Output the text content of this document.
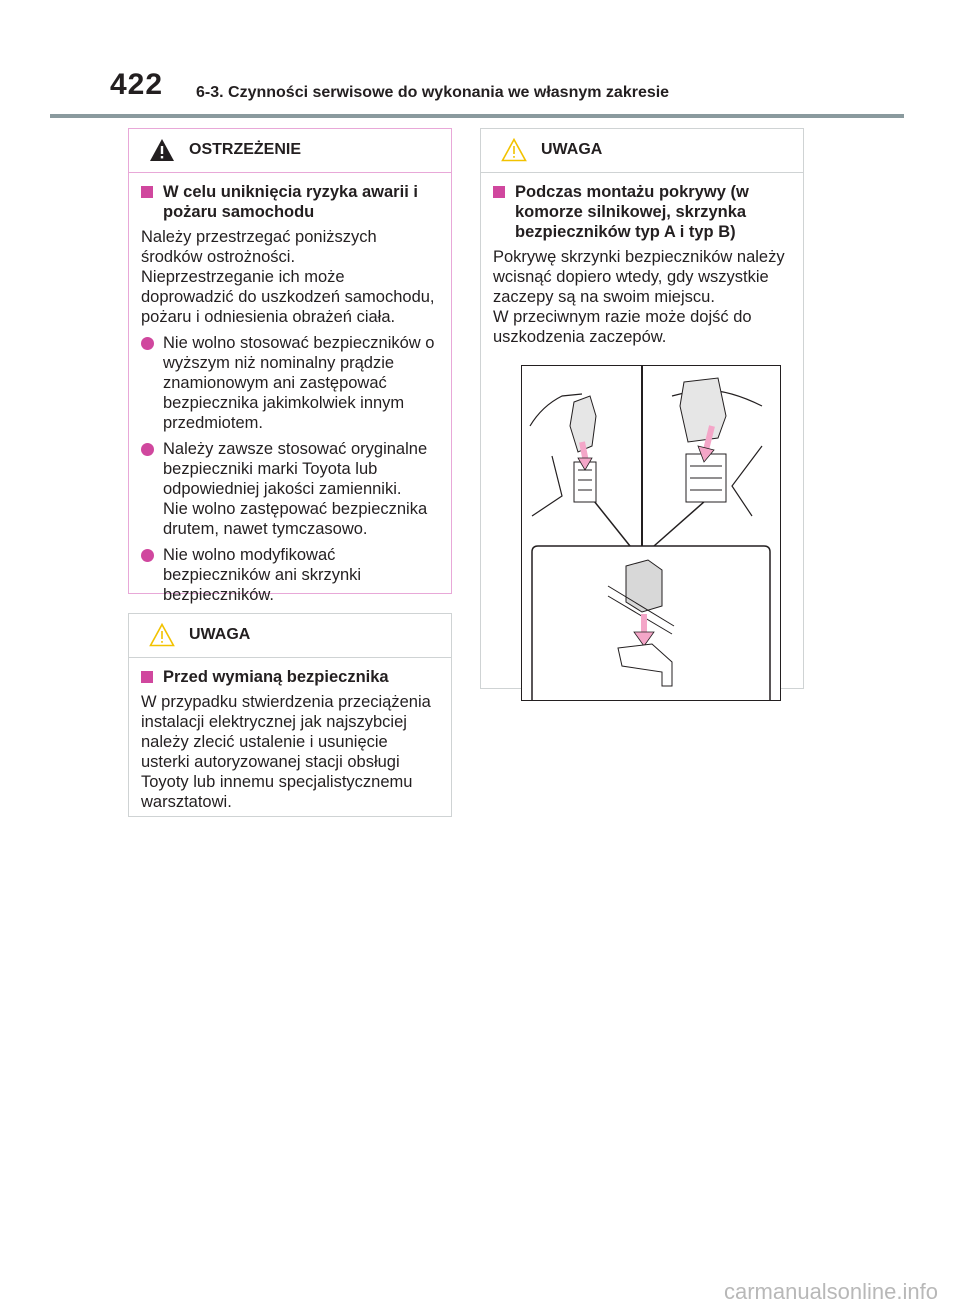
422 6-3. Czynności serwisowe do wykonania we własnym zakresie
OSTRZEŻENIE
W celu uniknięcia ryzyka awarii i pożaru samochodu

Należy przestrzegać poniższych środków ostrożności.

Nieprzestrzeganie ich może doprowadzić do uszkodzeń samochodu, pożaru i odniesienia obrażeń ciała.

Nie wolno stosować bezpieczników o wyższym niż nominalny prądzie znamionowym ani zastępować bezpiecznika jakimkolwiek innym przedmiotem.
Należy zawsze stosować oryginalne bezpieczniki marki Toyota lub odpowiedniej jakości zamienniki.
Nie wolno zastępować bezpiecznika drutem, nawet tymczasowo.
Nie wolno modyfikować bezpieczników ani skrzynki bezpieczników.
UWAGA
Przed wymianą bezpiecznika

W przypadku stwierdzenia przeciążenia instalacji elektrycznej jak najszybciej należy zlecić ustalenie i usunięcie usterki autoryzowanej stacji obsługi Toyoty lub innemu specjalistycznemu warsztatowi.

UWAGA
Podczas montażu pokrywy (w komorze silnikowej, skrzynka bezpieczników typ A i typ B)

Pokrywę skrzynki bezpieczników należy wcisnąć dopiero wtedy, gdy wszystkie zaczepy są na swoim miejscu.

W przeciwnym razie może dojść do uszkodzenia zaczepów.

carmanualsonline.info
